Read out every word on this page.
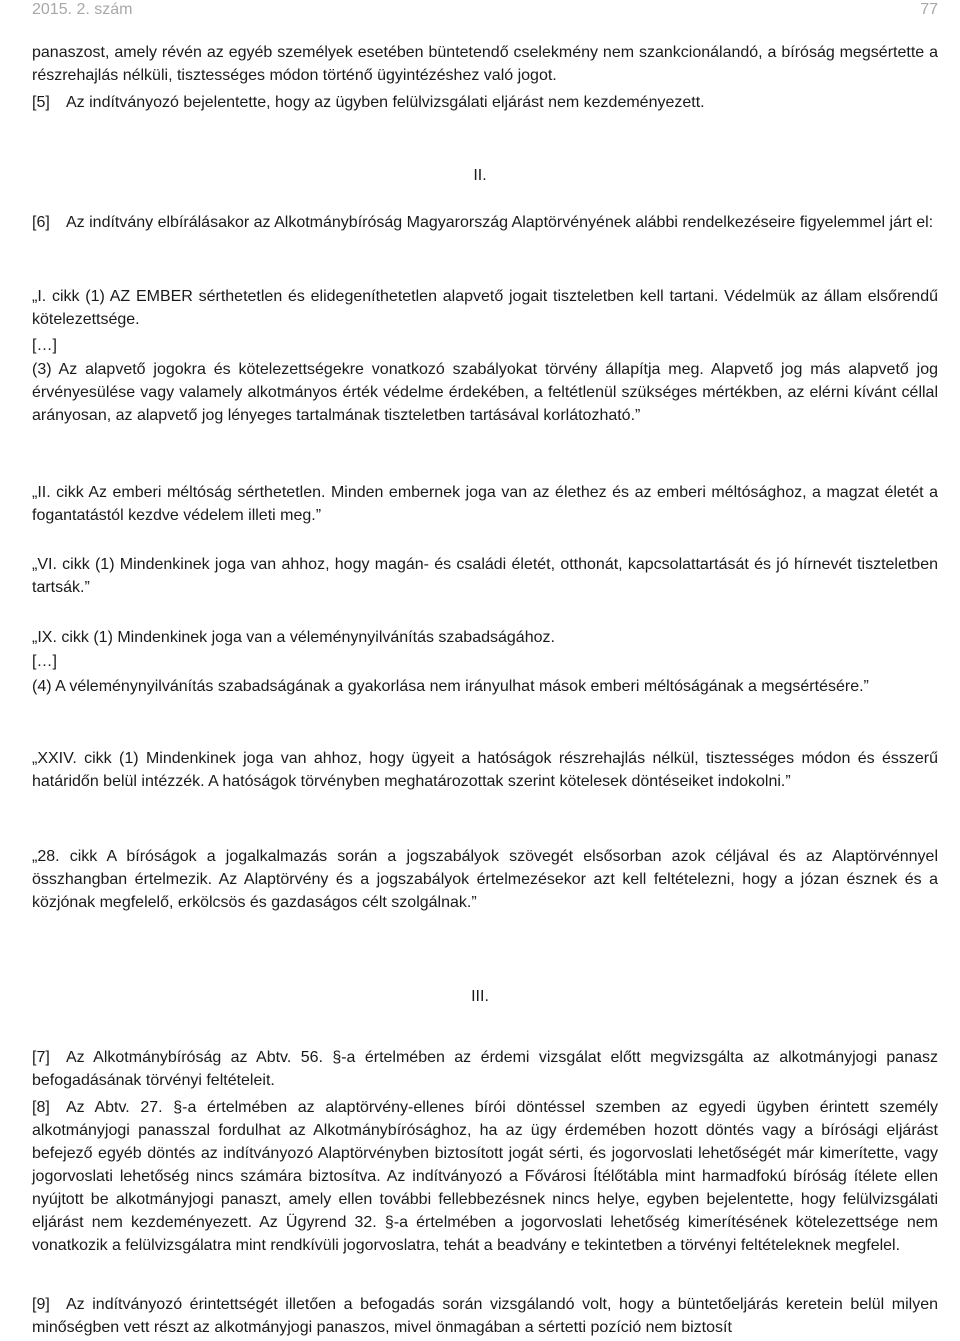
2015. 2. szám	77

panaszost, amely révén az egyéb személyek esetében büntetendő cselekmény nem szankcionálandó, a bíróság megsértette a részrehajlás nélküli, tisztességes módon történő ügyintézéshez való jogot.

[5] Az indítványozó bejelentette, hogy az ügyben felülvizsgálati eljárást nem kezdeményezett.

II.

[6] Az indítvány elbírálásakor az Alkotmánybíróság Magyarország Alaptörvényének alábbi rendelkezéseire figyelemmel járt el:

„I. cikk (1) AZ EMBER sérthetetlen és elidegeníthetetlen alapvető jogait tiszteletben kell tartani. Védelmük az állam elsőrendű kötelezettsége.

[…]

(3) Az alapvető jogokra és kötelezettségekre vonatkozó szabályokat törvény állapítja meg. Alapvető jog más alapvető jog érvényesülése vagy valamely alkotmányos érték védelme érdekében, a feltétlenül szükséges mértékben, az elérni kívánt céllal arányosan, az alapvető jog lényeges tartalmának tiszteletben tartásával korlátozható.”

„II. cikk Az emberi méltóság sérthetetlen. Minden embernek joga van az élethez és az emberi méltósághoz, a magzat életét a fogantatástól kezdve védelem illeti meg.”

„VI. cikk (1) Mindenkinek joga van ahhoz, hogy magán- és családi életét, otthonát, kapcsolattartását és jó hírnevét tiszteletben tartsák.”

„IX. cikk (1) Mindenkinek joga van a véleménynyilvánítás szabadságához.

[…]

(4) A véleménynyilvánítás szabadságának a gyakorlása nem irányulhat mások emberi méltóságának a megsértésére.”

„XXIV. cikk (1) Mindenkinek joga van ahhoz, hogy ügyeit a hatóságok részrehajlás nélkül, tisztességes módon és ésszerű határidőn belül intézzék. A hatóságok törvényben meghatározottak szerint kötelesek döntéseiket indokolni.”

„28. cikk A bíróságok a jogalkalmazás során a jogszabályok szövegét elsősorban azok céljával és az Alaptörvénnyel összhangban értelmezik. Az Alaptörvény és a jogszabályok értelmezésekor azt kell feltételezni, hogy a józan észnek és a közjónak megfelelő, erkölcsös és gazdaságos célt szolgálnak.”

III.

[7] Az Alkotmánybíróság az Abtv. 56. §-a értelmében az érdemi vizsgálat előtt megvizsgálta az alkotmányjogi panasz befogadásának törvényi feltételeit.

[8] Az Abtv. 27. §-a értelmében az alaptörvény-ellenes bírói döntéssel szemben az egyedi ügyben érintett személy alkotmányjogi panasszal fordulhat az Alkotmánybírósághoz, ha az ügy érdemében hozott döntés vagy a bírósági eljárást befejező egyéb döntés az indítványozó Alaptörvényben biztosított jogát sérti, és jogorvoslati lehetőségét már kimerítette, vagy jogorvoslati lehetőség nincs számára biztosítva. Az indítványozó a Fővárosi Ítélőtábla mint harmadfokú bíróság ítélete ellen nyújtott be alkotmányjogi panaszt, amely ellen további fellebbezésnek nincs helye, egyben bejelentette, hogy felülvizsgálati eljárást nem kezdeményezett. Az Ügyrend 32. §-a értelmében a jogorvoslati lehetőség kimerítésének kötelezettsége nem vonatkozik a felülvizsgálatra mint rendkívüli jogorvoslatra, tehát a beadvány e tekintetben a törvényi feltételeknek megfelel.

[9] Az indítványozó érintettségét illetően a befogadás során vizsgálandó volt, hogy a büntetőeljárás keretein belül milyen minőségben vett részt az alkotmányjogi panaszos, mivel önmagában a sértetti pozíció nem biztosít
